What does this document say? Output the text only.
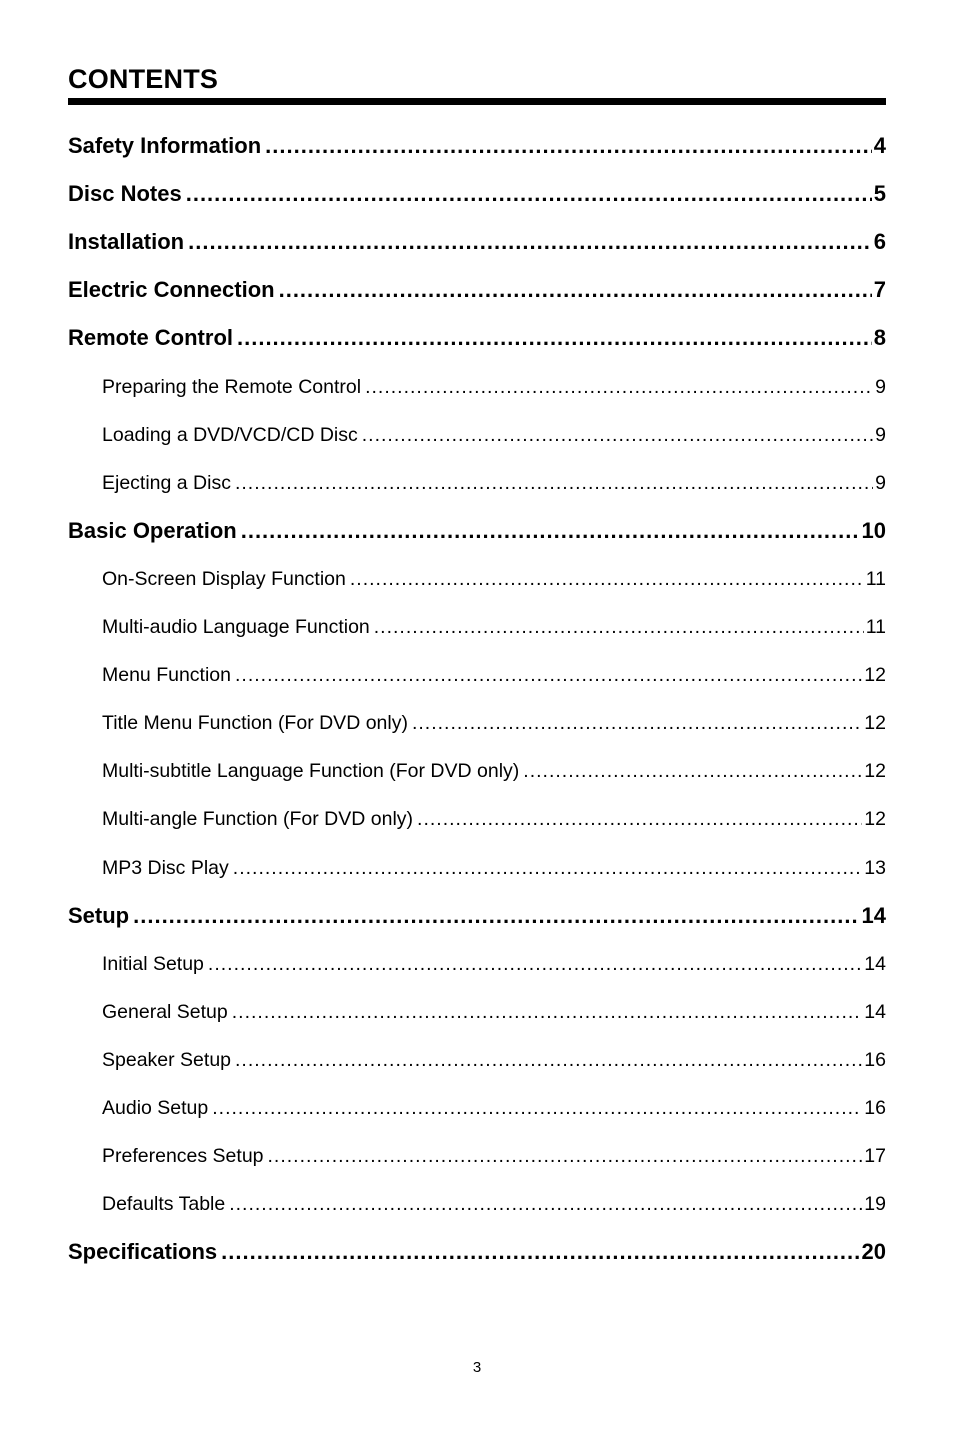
CONTENTS
Safety Information .....	4
Disc Notes .....	5
Installation .....	6
Electric Connection .....	7
Remote Control .....	8
Preparing the Remote Control .....	9
Loading a DVD/VCD/CD Disc .....	9
Ejecting a Disc .....	9
Basic Operation .....	10
On-Screen Display Function .....	11
Multi-audio Language Function .....	11
Menu Function .....	12
Title Menu Function (For DVD only) .....	12
Multi-subtitle Language Function (For DVD only) .....	12
Multi-angle Function (For DVD only) .....	12
MP3 Disc Play .....	13
Setup .....	14
Initial Setup .....	14
General Setup .....	14
Speaker Setup .....	16
Audio Setup .....	16
Preferences Setup .....	17
Defaults Table .....	19
Specifications .....	20
3
